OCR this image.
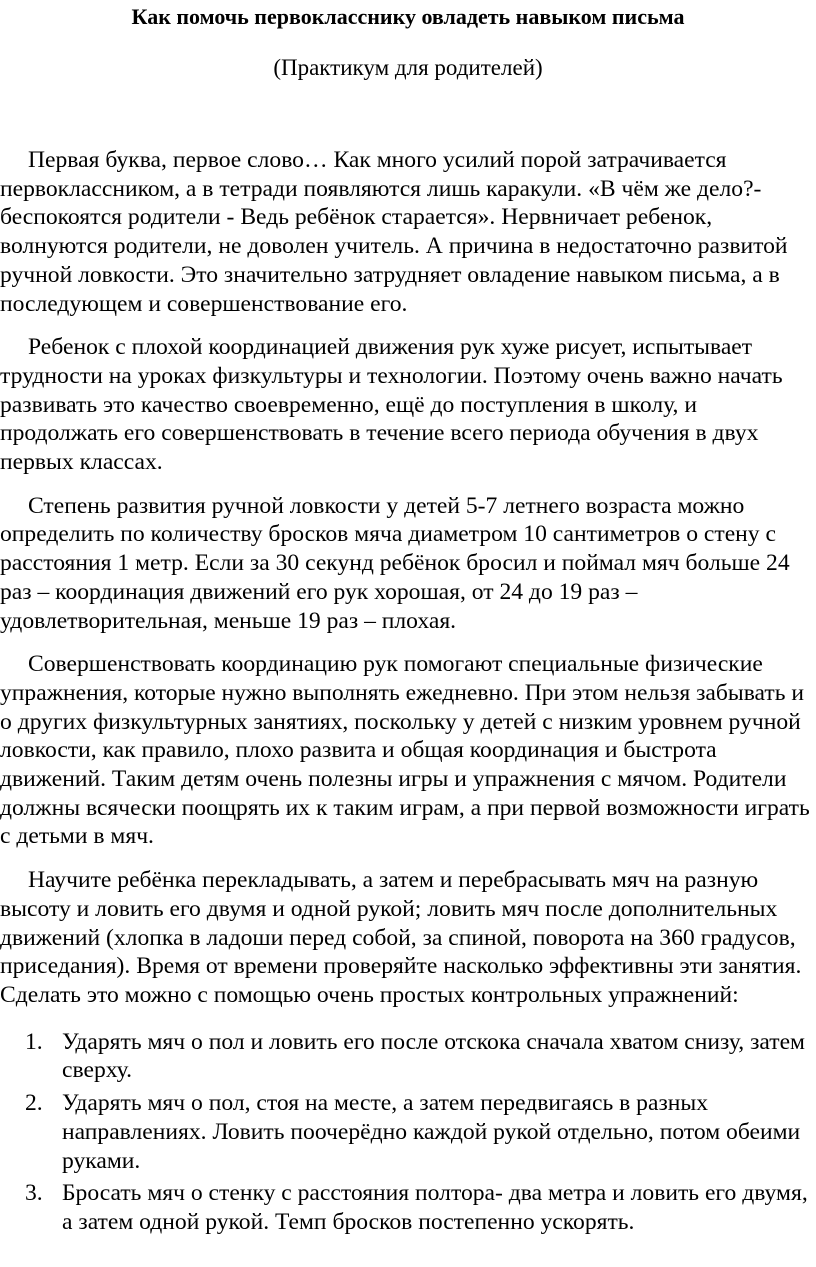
Как помочь первокласснику овладеть навыком письма

(Практикум для родителей)

Первая буква, первое слово… Как много усилий порой затрачивается первоклассником, а в тетради появляются лишь каракули. «В чём же дело?- беспокоятся родители - Ведь ребёнок старается». Нервничает ребенок, волнуются родители, не доволен учитель. А причина в недостаточно развитой ручной ловкости. Это значительно затрудняет овладение навыком письма, а в последующем и совершенствование его.

Ребенок с плохой координацией движения рук хуже рисует, испытывает трудности на уроках физкультуры и технологии. Поэтому очень важно начать развивать это качество своевременно, ещё до поступления в школу, и продолжать его совершенствовать в течение всего периода обучения в двух первых классах.

Степень развития ручной ловкости у детей 5-7 летнего возраста можно определить по количеству бросков мяча диаметром 10 сантиметров о стену с расстояния 1 метр. Если за 30 секунд ребёнок бросил и поймал мяч больше 24 раз – координация движений его рук хорошая, от 24 до 19 раз – удовлетворительная, меньше 19 раз – плохая.

Совершенствовать координацию рук помогают специальные физические упражнения, которые нужно выполнять ежедневно. При этом нельзя забывать и о других физкультурных занятиях, поскольку у детей с низким уровнем ручной ловкости, как правило, плохо развита и общая координация и быстрота движений. Таким детям очень полезны игры и упражнения с мячом. Родители должны всячески поощрять их к таким играм, а при первой возможности играть с детьми в мяч.

Научите ребёнка перекладывать, а затем и перебрасывать мяч на разную высоту и ловить его двумя и одной рукой; ловить мяч после дополнительных движений (хлопка в ладоши перед собой, за спиной, поворота на 360 градусов, приседания). Время от времени проверяйте насколько эффективны эти занятия. Сделать это можно с помощью очень простых контрольных упражнений:

1. Ударять мяч о пол и ловить его после отскока сначала хватом снизу, затем сверху.
2. Ударять мяч о пол, стоя на месте, а затем передвигаясь в разных направлениях. Ловить поочерёдно каждой рукой отдельно, потом обеими руками.
3. Бросать мяч о стенку с расстояния полтора- два метра и ловить его двумя, а затем одной рукой. Темп бросков постепенно ускорять.
